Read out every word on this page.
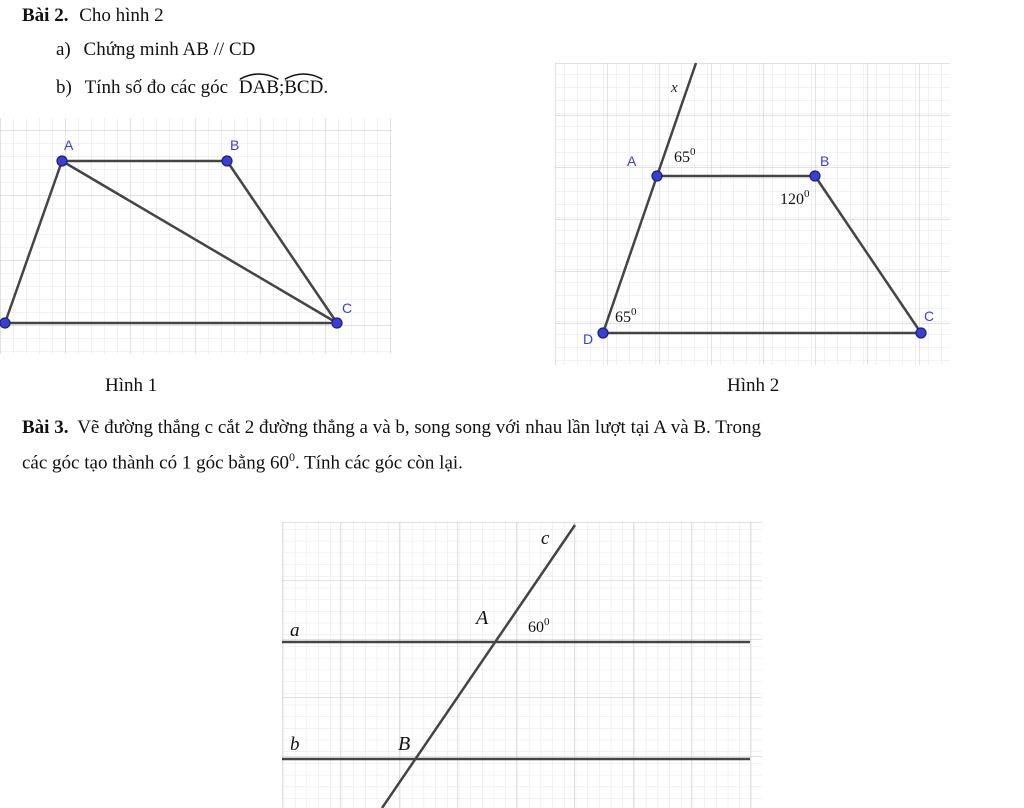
Bài 2. Cho hình 2
a) Chứng minh AB // CD
b) Tính số đo các góc DAB;
BCD.
A	B
C
Hình 1
x
A	B
C
D
$65^0$
$120^0$
$65^0$
Hình 2
Bài 3. Vẽ đường thẳng c cắt 2 đường thẳng a và b, song song với nhau lần lượt tại A và B. Trong
các góc tạo thành có 1 góc bằng $60^0$. Tính các góc còn lại.
c
a
b
A
B
$60^0$
